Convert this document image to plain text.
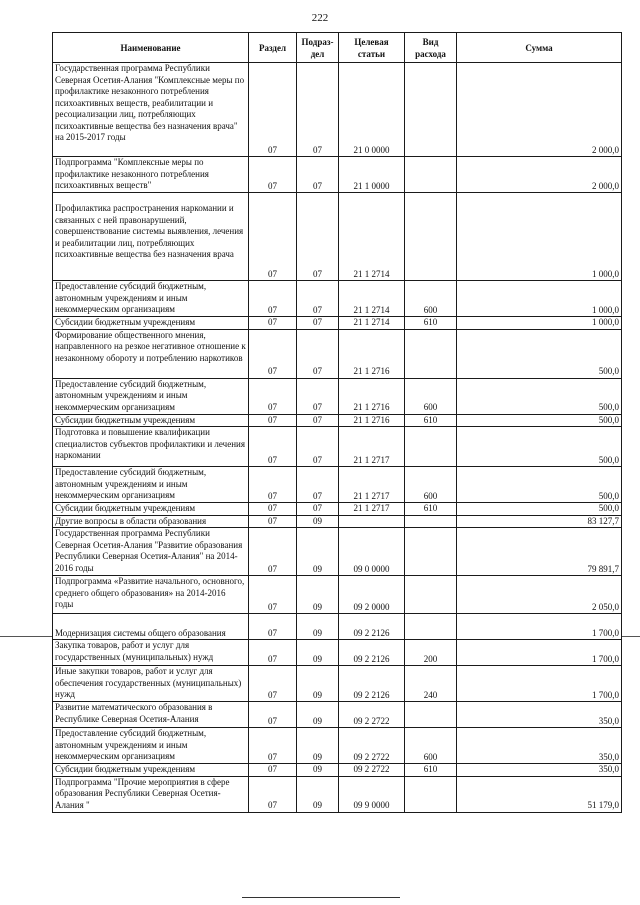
222
Наименование	Раздел	Подраз-дел	Целевая статьи	Вид расхода	Сумма
Государственная программа Республики Северная Осетия-Алания "Комплексные меры по профилактике незаконного потребления психоактивных веществ, реабилитации и ресоциализации лиц, потребляющих психоактивные вещества без назначения врача" на 2015-2017 годы	07	07	21 0 0000		2 000,0
Подпрограмма "Комплексные меры по профилактике незаконного потребления психоактивных веществ"	07	07	21 1 0000		2 000,0
Профилактика распространения наркомании и связанных с ней правонарушений, совершенствование системы выявления, лечения и реабилитации лиц, потребляющих психоактивные вещества без назначения врача	07	07	21 1 2714		1 000,0
Предоставление субсидий бюджетным, автономным учреждениям и иным некоммерческим организациям	07	07	21 1 2714	600	1 000,0
Субсидии бюджетным учреждениям	07	07	21 1 2714	610	1 000,0
Формирование общественного мнения, направленного на резкое негативное отношение к незаконному обороту и потреблению наркотиков	07	07	21 1 2716		500,0
Предоставление субсидий бюджетным, автономным учреждениям и иным некоммерческим организациям	07	07	21 1 2716	600	500,0
Субсидии бюджетным учреждениям	07	07	21 1 2716	610	500,0
Подготовка и повышение квалификации специалистов субъектов профилактики и лечения наркомании	07	07	21 1 2717		500,0
Предоставление субсидий бюджетным, автономным учреждениям и иным некоммерческим организациям	07	07	21 1 2717	600	500,0
Субсидии бюджетным учреждениям	07	07	21 1 2717	610	500,0
Другие вопросы в области образования	07	09			83 127,7
Государственная программа Республики Северная Осетия-Алания "Развитие образования Республики Северная Осетия-Алания" на 2014-2016 годы	07	09	09 0 0000		79 891,7
Подпрограмма «Развитие начального, основного, среднего общего образования» на 2014-2016 годы	07	09	09 2 0000		2 050,0
Модернизация системы общего образования	07	09	09 2 2126		1 700,0
Закупка товаров, работ и услуг для государственных (муниципальных) нужд	07	09	09 2 2126	200	1 700,0
Иные закупки товаров, работ и услуг для обеспечения государственных (муниципальных) нужд	07	09	09 2 2126	240	1 700,0
Развитие математического образования в Республике Северная Осетия-Алания	07	09	09 2 2722		350,0
Предоставление субсидий бюджетным, автономным учреждениям и иным некоммерческим организациям	07	09	09 2 2722	600	350,0
Субсидии бюджетным учреждениям	07	09	09 2 2722	610	350,0
Подпрограмма "Прочие мероприятия в сфере образования Республики Северная Осетия-Алания "	07	09	09 9 0000		51 179,0
